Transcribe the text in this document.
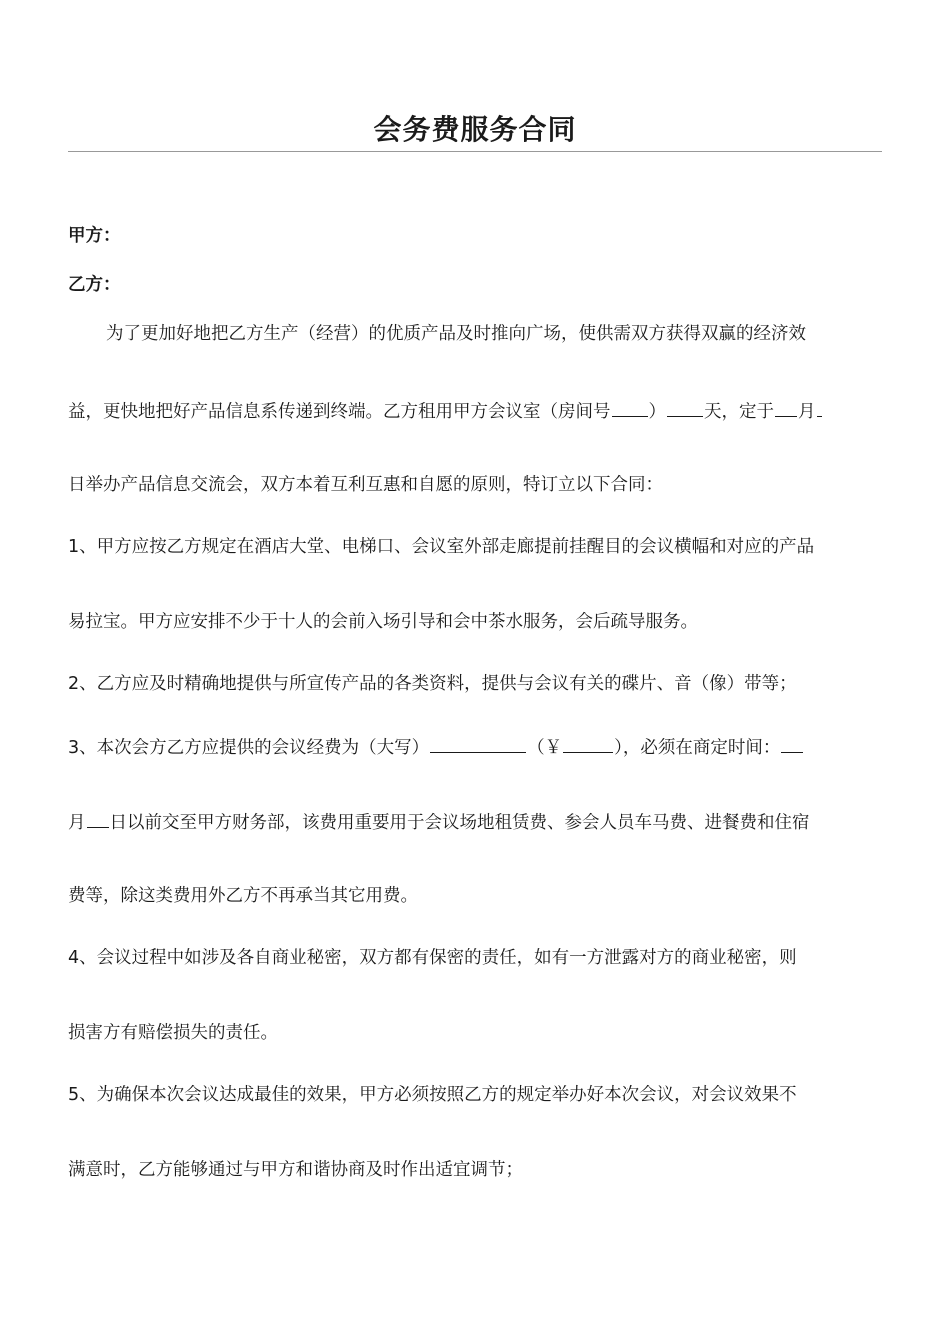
会务费服务合同
甲方：
乙方：
为了更加好地把乙方生产（经营）的优质产品及时推向广场，使供需双方获得双赢的经济效
益，更快地把好产品信息系传递到终端。乙方租用甲方会议室（房间号 ） 天，定于 月
日举办产品信息交流会，双方本着互利互惠和自愿的原则，特订立以下合同：
1、甲方应按乙方规定在酒店大堂、电梯口、会议室外部走廊提前挂醒目的会议横幅和对应的产品
易拉宝。甲方应安排不少于十人的会前入场引导和会中茶水服务，会后疏导服务。
2、乙方应及时精确地提供与所宣传产品的各类资料，提供与会议有关的碟片、音（像）带等；
3、本次会方乙方应提供的会议经费为（大写）	（￥	），必须在商定时间：
月 日以前交至甲方财务部，该费用重要用于会议场地租赁费、参会人员车马费、进餐费和住宿
费等，除这类费用外乙方不再承当其它用费。
4、会议过程中如涉及各自商业秘密，双方都有保密的责任，如有一方泄露对方的商业秘密，则
损害方有赔偿损失的责任。
5、为确保本次会议达成最佳的效果，甲方必须按照乙方的规定举办好本次会议，对会议效果不
满意时，乙方能够通过与甲方和谐协商及时作出适宜调节；
